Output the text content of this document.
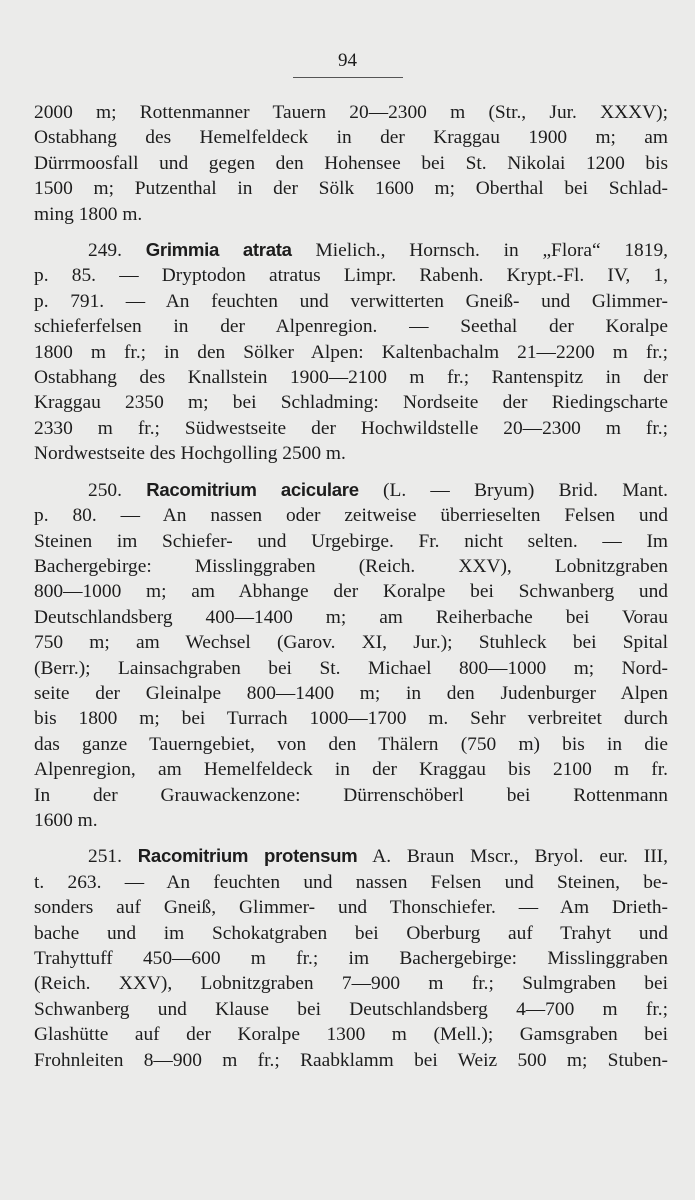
94
2000 m; Rottenmanner Tauern 20—2300 m (Str., Jur. XXXV);
Ostabhang des Hemelfeldeck in der Kraggau 1900 m; am
Dürrmoosfall und gegen den Hohensee bei St. Nikolai 1200 bis
1500 m; Putzenthal in der Sölk 1600 m; Oberthal bei Schlad-
ming 1800 m.
249. Grimmia atrata Mielich., Hornsch. in „Flora“ 1819,
p. 85. — Dryptodon atratus Limpr. Rabenh. Krypt.-Fl. IV, 1,
p. 791. — An feuchten und verwitterten Gneiß- und Glimmer-
schieferfelsen in der Alpenregion. — Seethal der Koralpe
1800 m fr.; in den Sölker Alpen: Kaltenbachalm 21—2200 m fr.;
Ostabhang des Knallstein 1900—2100 m fr.; Rantenspitz in der
Kraggau 2350 m; bei Schladming: Nordseite der Riedingscharte
2330 m fr.; Südwestseite der Hochwildstelle 20—2300 m fr.;
Nordwestseite des Hochgolling 2500 m.
250. Racomitrium aciculare (L. — Bryum) Brid. Mant.
p. 80. — An nassen oder zeitweise überrieselten Felsen und
Steinen im Schiefer- und Urgebirge. Fr. nicht selten. — Im
Bachergebirge: Misslinggraben (Reich. XXV), Lobnitzgraben
800—1000 m; am Abhange der Koralpe bei Schwanberg und
Deutschlandsberg 400—1400 m; am Reiherbache bei Vorau
750 m; am Wechsel (Garov. XI, Jur.); Stuhleck bei Spital
(Berr.); Lainsachgraben bei St. Michael 800—1000 m; Nord-
seite der Gleinalpe 800—1400 m; in den Judenburger Alpen
bis 1800 m; bei Turrach 1000—1700 m. Sehr verbreitet durch
das ganze Tauerngebiet, von den Thälern (750 m) bis in die
Alpenregion, am Hemelfeldeck in der Kraggau bis 2100 m fr.
In der Grauwackenzone: Dürrenschöberl bei Rottenmann
1600 m.
251. Racomitrium protensum A. Braun Mscr., Bryol. eur. III,
t. 263. — An feuchten und nassen Felsen und Steinen, be-
sonders auf Gneiß, Glimmer- und Thonschiefer. — Am Drieth-
bache und im Schokatgraben bei Oberburg auf Trahyt und
Trahyttuff 450—600 m fr.; im Bachergebirge: Misslinggraben
(Reich. XXV), Lobnitzgraben 7—900 m fr.; Sulmgraben bei
Schwanberg und Klause bei Deutschlandsberg 4—700 m fr.;
Glashütte auf der Koralpe 1300 m (Mell.); Gamsgraben bei
Frohnleiten 8—900 m fr.; Raabklamm bei Weiz 500 m; Stuben-
